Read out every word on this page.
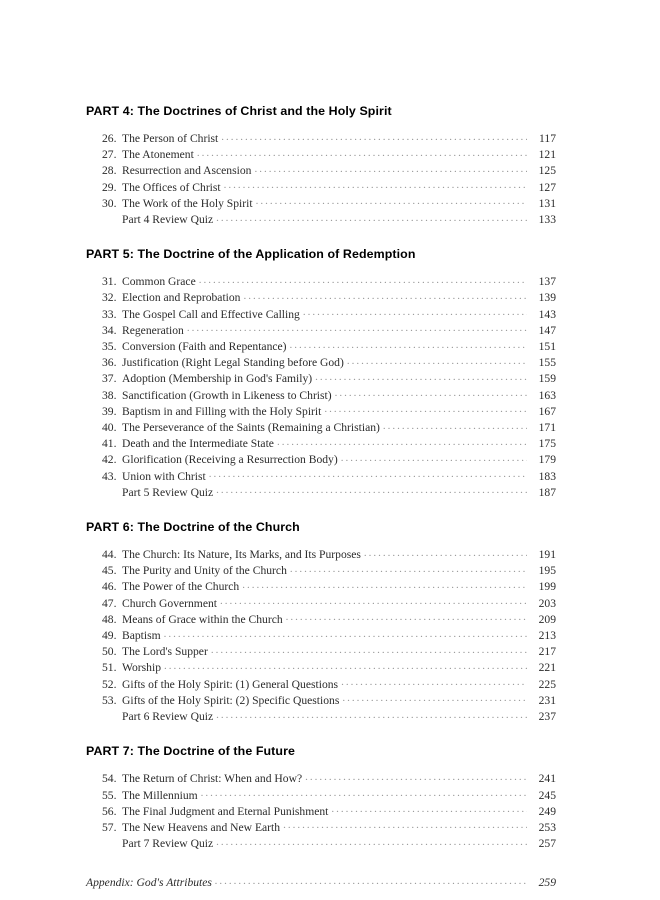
PART 4: The Doctrines of Christ and the Holy Spirit
26. The Person of Christ .....	117
27. The Atonement .....	121
28. Resurrection and Ascension .....	125
29. The Offices of Christ .....	127
30. The Work of the Holy Spirit .....	131
Part 4 Review Quiz .....	133
PART 5: The Doctrine of the Application of Redemption
31. Common Grace .....	137
32. Election and Reprobation .....	139
33. The Gospel Call and Effective Calling .....	143
34. Regeneration .....	147
35. Conversion (Faith and Repentance) .....	151
36. Justification (Right Legal Standing before God) .....	155
37. Adoption (Membership in God's Family) .....	159
38. Sanctification (Growth in Likeness to Christ) .....	163
39. Baptism in and Filling with the Holy Spirit .....	167
40. The Perseverance of the Saints (Remaining a Christian) .....	171
41. Death and the Intermediate State .....	175
42. Glorification (Receiving a Resurrection Body) .....	179
43. Union with Christ .....	183
Part 5 Review Quiz .....	187
PART 6: The Doctrine of the Church
44. The Church: Its Nature, Its Marks, and Its Purposes .....	191
45. The Purity and Unity of the Church .....	195
46. The Power of the Church .....	199
47. Church Government .....	203
48. Means of Grace within the Church .....	209
49. Baptism .....	213
50. The Lord's Supper .....	217
51. Worship .....	221
52. Gifts of the Holy Spirit: (1) General Questions .....	225
53. Gifts of the Holy Spirit: (2) Specific Questions .....	231
Part 6 Review Quiz .....	237
PART 7: The Doctrine of the Future
54. The Return of Christ: When and How? .....	241
55. The Millennium .....	245
56. The Final Judgment and Eternal Punishment .....	249
57. The New Heavens and New Earth .....	253
Part 7 Review Quiz .....	257
Appendix: God's Attributes .....	259
